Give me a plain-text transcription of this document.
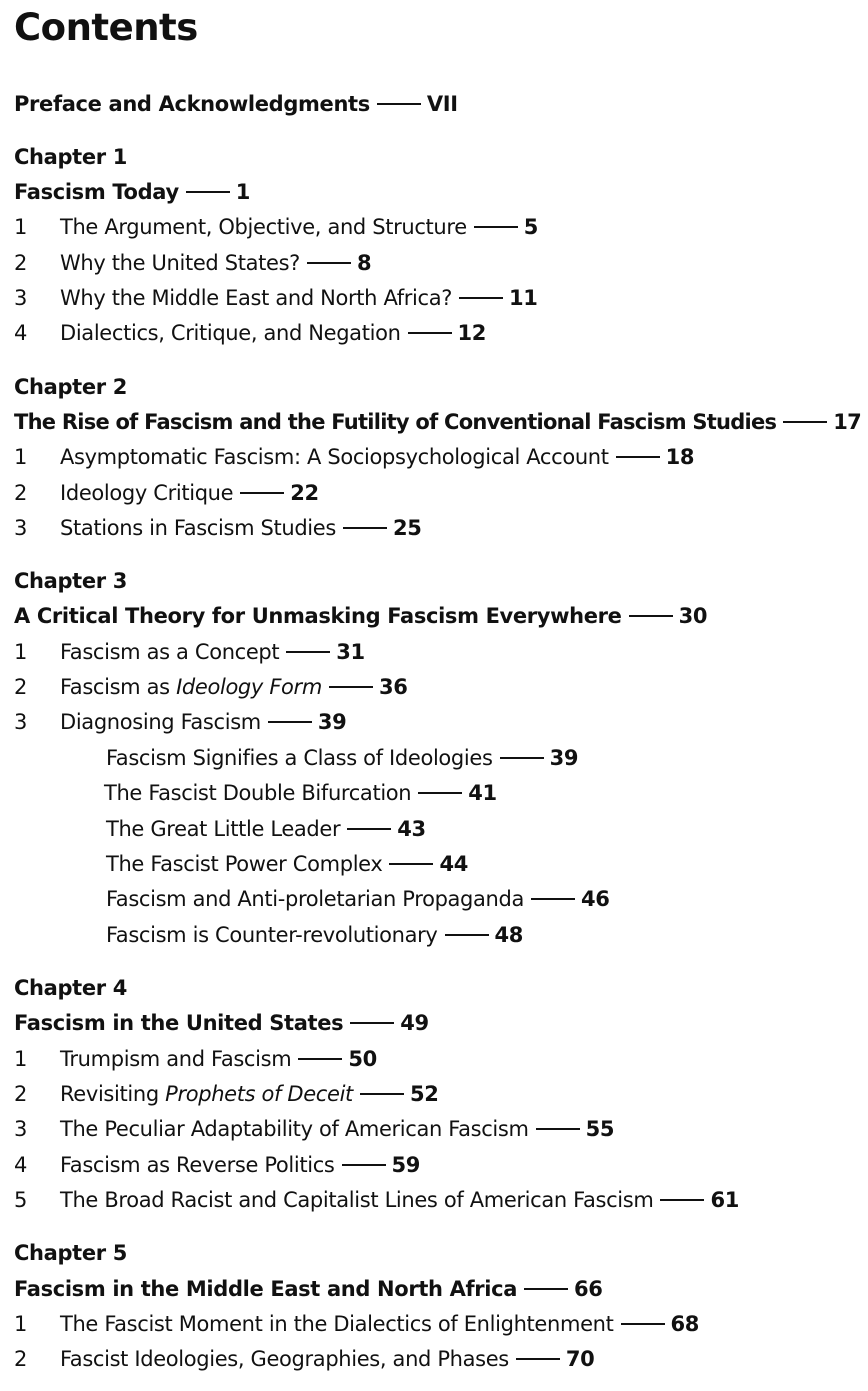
Contents
Preface and Acknowledgments	VII
Chapter 1
Fascism Today	1
1 The Argument, Objective, and Structure	5
2 Why the United States?	8
3 Why the Middle East and North Africa?	11
4 Dialectics, Critique, and Negation	12
Chapter 2
The Rise of Fascism and the Futility of Conventional Fascism Studies	17
1 Asymptomatic Fascism: A Sociopsychological Account	18
2 Ideology Critique	22
3 Stations in Fascism Studies	25
Chapter 3
A Critical Theory for Unmasking Fascism Everywhere	30
1 Fascism as a Concept	31
2 Fascism as Ideology Form	36
3 Diagnosing Fascism	39
Fascism Signifies a Class of Ideologies	39
The Fascist Double Bifurcation	41
The Great Little Leader	43
The Fascist Power Complex	44
Fascism and Anti-proletarian Propaganda	46
Fascism is Counter-revolutionary	48
Chapter 4
Fascism in the United States	49
1 Trumpism and Fascism	50
2 Revisiting Prophets of Deceit	52
3 The Peculiar Adaptability of American Fascism	55
4 Fascism as Reverse Politics	59
5 The Broad Racist and Capitalist Lines of American Fascism	61
Chapter 5
Fascism in the Middle East and North Africa	66
1 The Fascist Moment in the Dialectics of Enlightenment	68
2 Fascist Ideologies, Geographies, and Phases	70
